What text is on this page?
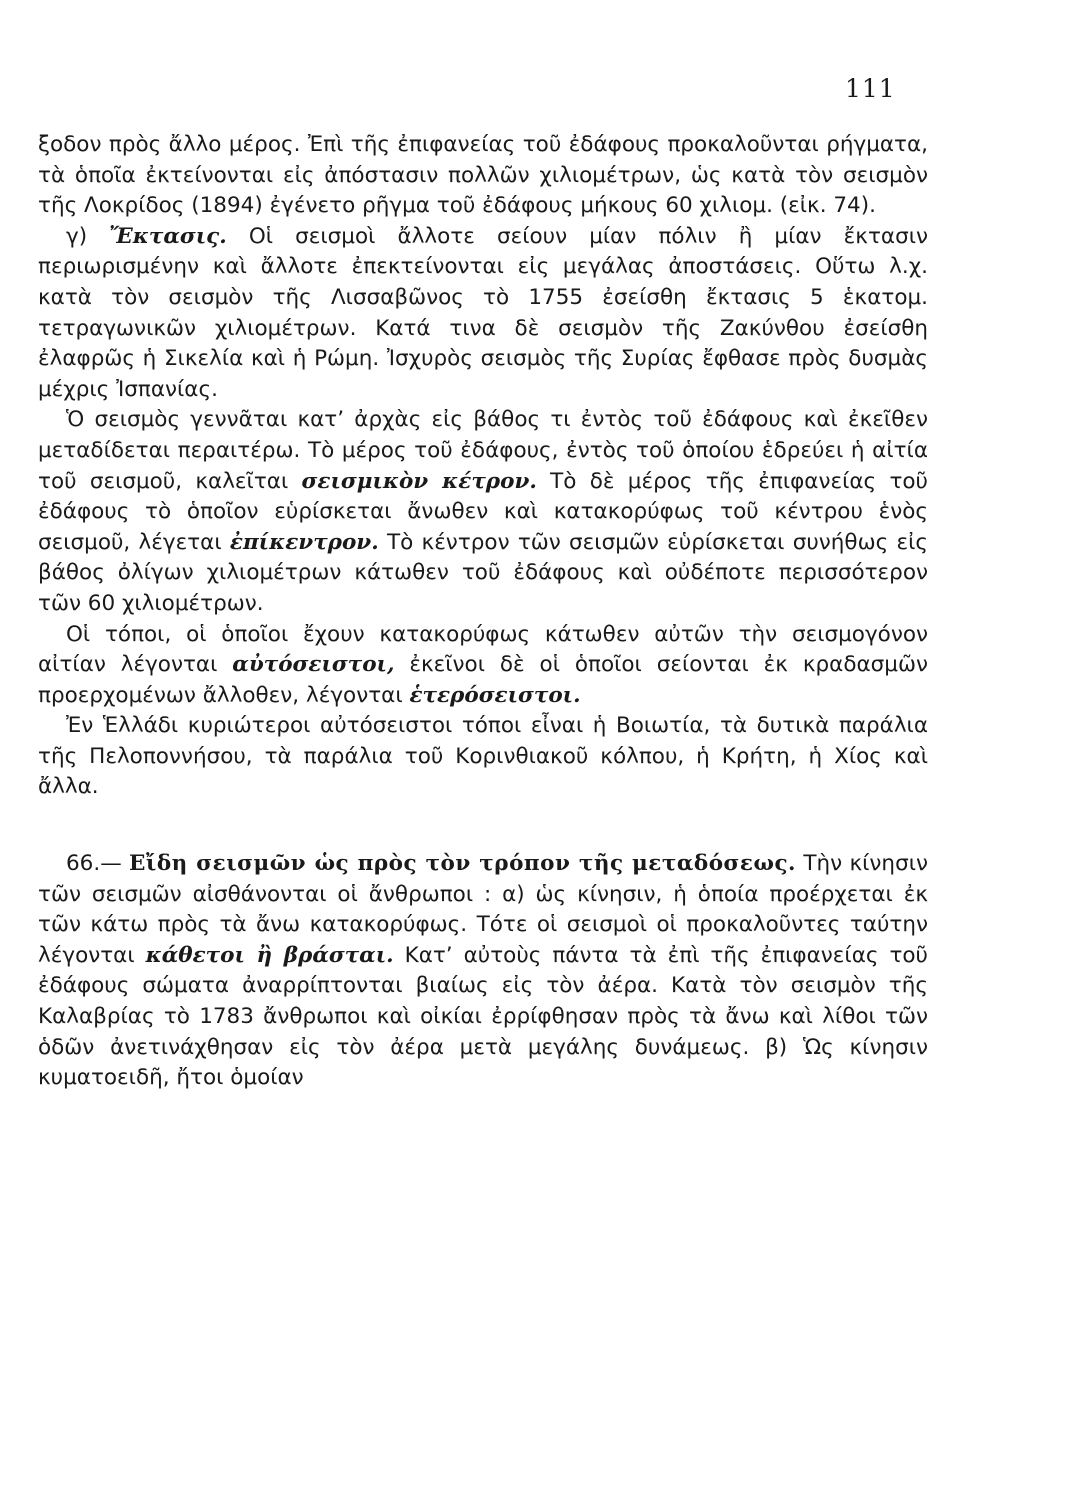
111

ξοδον πρὸς ἄλλο μέρος. Ἐπὶ τῆς ἐπιφανείας τοῦ ἐδάφους προκαλοῦνται ρήγματα, τὰ ὁποῖα ἐκτείνονται εἰς ἀπόστασιν πολλῶν χιλιομέτρων, ὡς κατὰ τὸν σεισμὸν τῆς Λοκρίδος (1894) ἐγένετο ρῆγμα τοῦ ἐδάφους μήκους 60 χιλιομ. (εἰκ. 74).

γ) Ἔκτασις. Οἱ σεισμοὶ ἄλλοτε σείουν μίαν πόλιν ἢ μίαν ἔκτασιν περιωρισμένην καὶ ἄλλοτε ἐπεκτείνονται εἰς μεγάλας ἀποστάσεις. Οὕτω λ.χ. κατὰ τὸν σεισμὸν τῆς Λισσαβῶνος τὸ 1755 ἐσείσθη ἔκτασις 5 ἑκατομ. τετραγωνικῶν χιλιομέτρων. Κατά τινα δὲ σεισμὸν τῆς Ζακύνθου ἐσείσθη ἐλαφρῶς ἡ Σικελία καὶ ἡ Ρώμη. Ἰσχυρὸς σεισμὸς τῆς Συρίας ἔφθασε πρὸς δυσμὰς μέχρις Ἰσπανίας.

Ὁ σεισμὸς γεννᾶται κατ’ ἀρχὰς εἰς βάθος τι ἐντὸς τοῦ ἐδάφους καὶ ἐκεῖθεν μεταδίδεται περαιτέρω. Τὸ μέρος τοῦ ἐδάφους, ἐντὸς τοῦ ὁποίου ἑδρεύει ἡ αἰτία τοῦ σεισμοῦ, καλεῖται σεισμικὸν κέτρον. Τὸ δὲ μέρος τῆς ἐπιφανείας τοῦ ἐδάφους τὸ ὁποῖον εὑρίσκεται ἄνωθεν καὶ κατακορύφως τοῦ κέντρου ἑνὸς σεισμοῦ, λέγεται ἐπίκεντρον. Τὸ κέντρον τῶν σεισμῶν εὑρίσκεται συνήθως εἰς βάθος ὀλίγων χιλιομέτρων κάτωθεν τοῦ ἐδάφους καὶ οὐδέποτε περισσότερον τῶν 60 χιλιομέτρων.

Οἱ τόποι, οἱ ὁποῖοι ἔχουν κατακορύφως κάτωθεν αὐτῶν τὴν σεισμογόνον αἰτίαν λέγονται αὐτόσειστοι, ἐκεῖνοι δὲ οἱ ὁποῖοι σείονται ἐκ κραδασμῶν προερχομένων ἄλλοθεν, λέγονται ἑτερόσειστοι.

Ἐν Ἑλλάδι κυριώτεροι αὐτόσειστοι τόποι εἶναι ἡ Βοιωτία, τὰ δυτικὰ παράλια τῆς Πελοποννήσου, τὰ παράλια τοῦ Κορινθιακοῦ κόλπου, ἡ Κρήτη, ἡ Χίος καὶ ἄλλα.

66.— Εἴδη σεισμῶν ὡς πρὸς τὸν τρόπον τῆς μεταδόσεως. Τὴν κίνησιν τῶν σεισμῶν αἰσθάνονται οἱ ἄνθρωποι : α) ὡς κίνησιν, ἡ ὁποία προέρχεται ἐκ τῶν κάτω πρὸς τὰ ἄνω κατακορύφως. Τότε οἱ σεισμοὶ οἱ προκαλοῦντες ταύτην λέγονται κάθετοι ἢ βράσται. Κατ’ αὐτοὺς πάντα τὰ ἐπὶ τῆς ἐπιφανείας τοῦ ἐδάφους σώματα ἀναρρίπτονται βιαίως εἰς τὸν ἀέρα. Κατὰ τὸν σεισμὸν τῆς Καλαβρίας τὸ 1783 ἄνθρωποι καὶ οἰκίαι ἐρρίφθησαν πρὸς τὰ ἄνω καὶ λίθοι τῶν ὁδῶν ἀνετινάχθησαν εἰς τὸν ἀέρα μετὰ μεγάλης δυνάμεως. β) Ὡς κίνησιν κυματοειδῆ, ἤτοι ὁμοίαν
